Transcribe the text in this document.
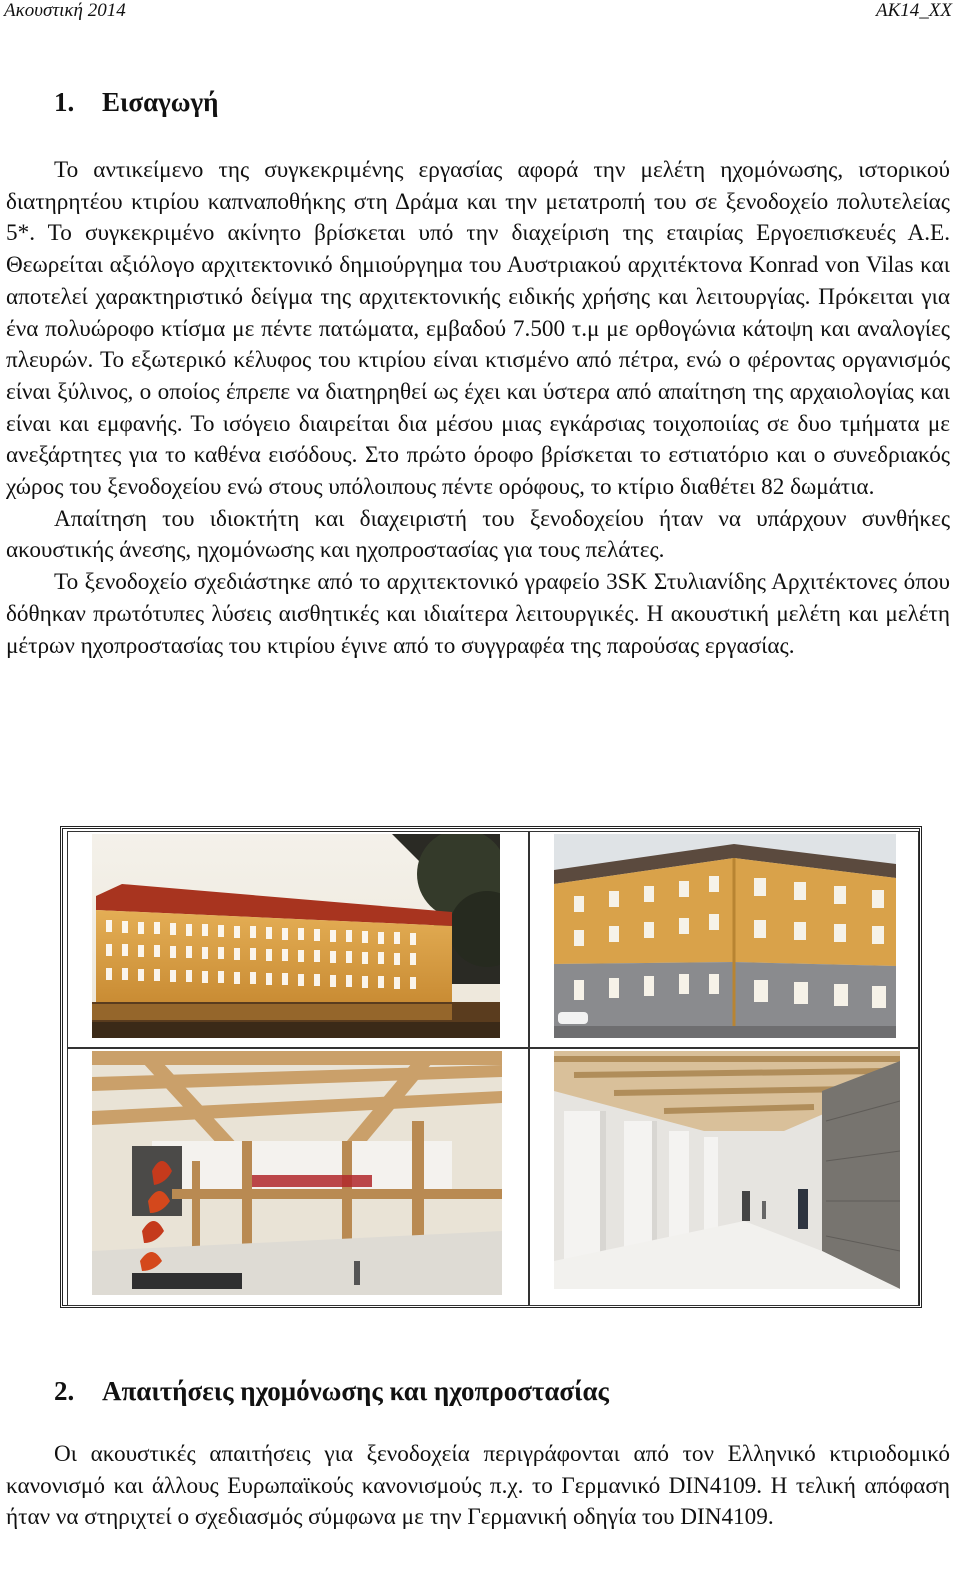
Ακουστική 2014	AK14_XX
1. Εισαγωγή

Το αντικείμενο της συγκεκριμένης εργασίας αφορά την μελέτη ηχομόνωσης, ιστορικού διατηρητέου κτιρίου καπναποθήκης στη Δράμα και την μετατροπή του σε ξενοδοχείο πολυτελείας 5*. Το συγκεκριμένο ακίνητο βρίσκεται υπό την διαχείριση της εταιρίας Εργοεπισκευές Α.Ε. Θεωρείται αξιόλογο αρχιτεκτονικό δημιούργημα του Αυστριακού αρχιτέκτονα Konrad von Vilas και αποτελεί χαρακτηριστικό δείγμα της αρχιτεκτονικής ειδικής χρήσης και λειτουργίας. Πρόκειται για ένα πολυώροφο κτίσμα με πέντε πατώματα, εμβαδού 7.500 τ.μ με ορθογώνια κάτοψη και αναλογίες πλευρών. Το εξωτερικό κέλυφος του κτιρίου είναι κτισμένο από πέτρα, ενώ ο φέροντας οργανισμός είναι ξύλινος, ο οποίος έπρεπε να διατηρηθεί ως έχει και ύστερα από απαίτηση της αρχαιολογίας και είναι και εμφανής. Το ισόγειο διαιρείται δια μέσου μιας εγκάρσιας τοιχοποιίας σε δυο τμήματα με ανεξάρτητες για το καθένα εισόδους. Στο πρώτο όροφο βρίσκεται το εστιατόριο και ο συνεδριακός χώρος του ξενοδοχείου ενώ στους υπόλοιπους πέντε ορόφους, το κτίριο διαθέτει 82 δωμάτια.

Απαίτηση του ιδιοκτήτη και διαχειριστή του ξενοδοχείου ήταν να υπάρχουν συνθήκες ακουστικής άνεσης, ηχομόνωσης και ηχοπροστασίας για τους πελάτες.

Το ξενοδοχείο σχεδιάστηκε από το αρχιτεκτονικό γραφείο 3SK Στυλιανίδης Αρχιτέκτονες όπου δόθηκαν πρωτότυπες λύσεις αισθητικές και ιδιαίτερα λειτουργικές. Η ακουστική μελέτη και μελέτη μέτρων ηχοπροστασίας του κτιρίου έγινε από το συγγραφέα της παρούσας εργασίας.

2. Απαιτήσεις ηχομόνωσης και ηχοπροστασίας

Οι ακουστικές απαιτήσεις για ξενοδοχεία περιγράφονται από τον Ελληνικό κτιριοδομικό κανονισμό και άλλους Ευρωπαϊκούς κανονισμούς π.χ. το Γερμανικό DIN4109. Η τελική απόφαση ήταν να στηριχτεί ο σχεδιασμός σύμφωνα με την Γερμανική οδηγία του DIN4109.
